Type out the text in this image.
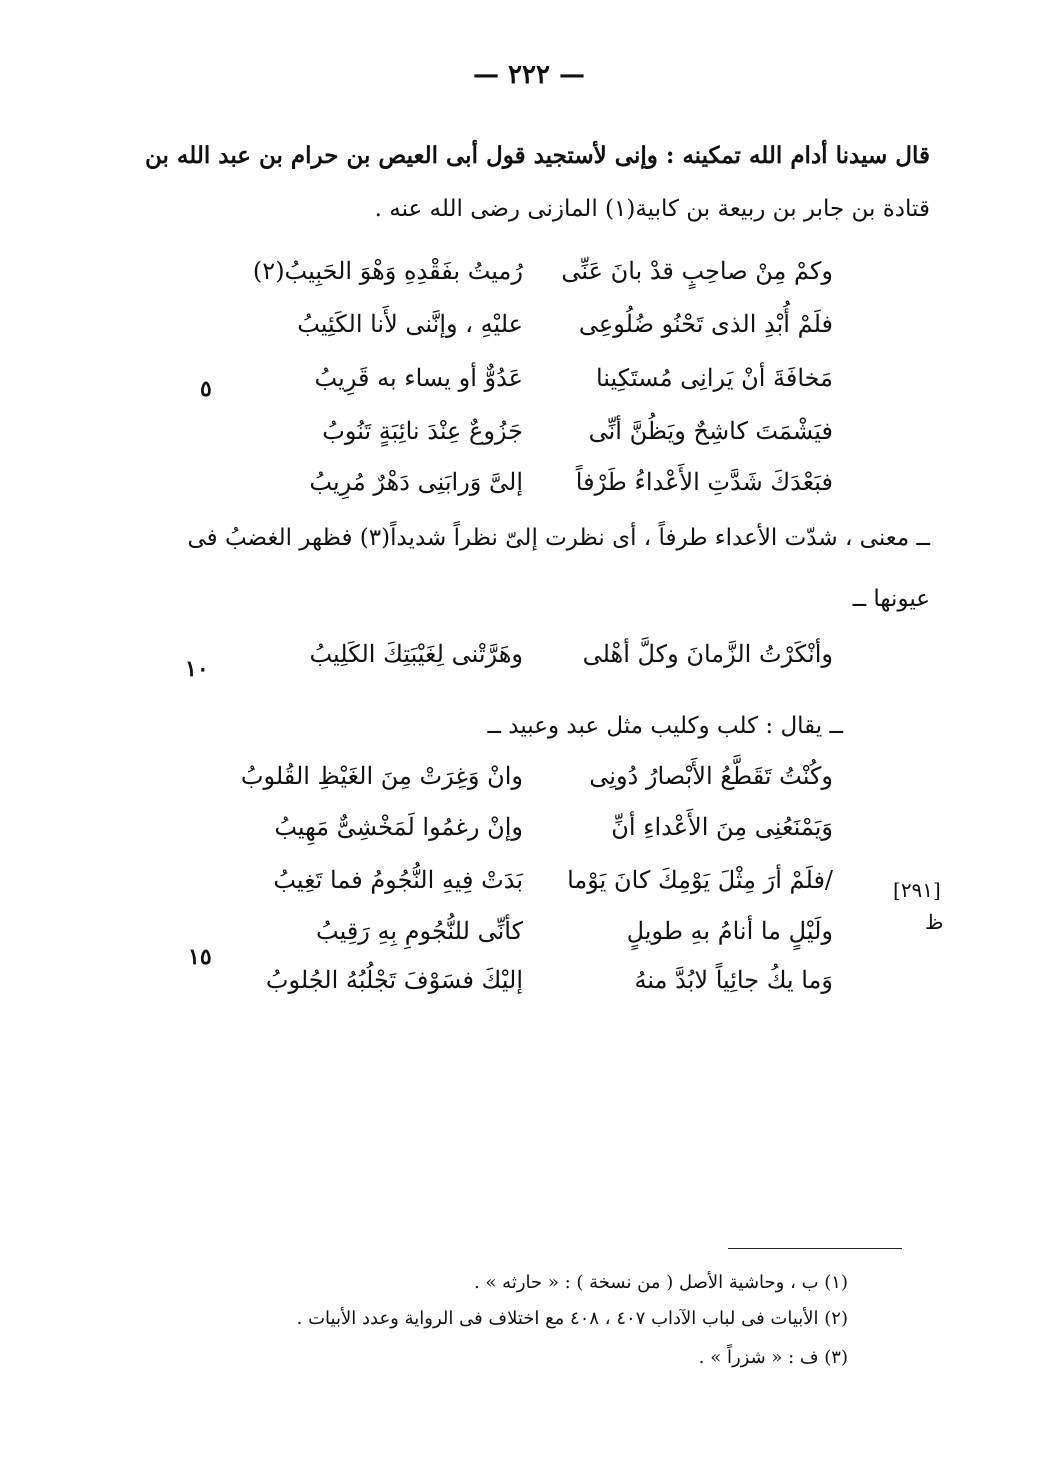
— ٢٢٢ —
قال سيدنا أدام الله تمكينه : وإنى لأستجيد قول أبى العيص بن حرام بن عبد الله بن
قتادة بن جابر بن ربيعة بن كابية(١) المازنى رضى الله عنه .
وكمْ مِنْ صاحِبٍ قدْ بانَ عَنِّى
رُميتُ بفَقْدِهِ وَهْوَ الحَبِيبُ(٢)
فلَمْ أُبْدِ الذى تَحْنُو ضُلُوعِى
عليْهِ ، وإنَّنى لأَنا الكَئِيبُ
مَخافَةَ أنْ يَرانِى مُستَكِينا
عَدُوٌّ أو يساء به قَرِيبُ
فيَشْمَتَ كاشِحٌ ويَظُنَّ أنِّى
جَزُوعٌ عِنْدَ نائِبَةٍ تَنُوبُ
فبَعْدَكَ شَدَّتِ الأَعْداءُ طَرْفاً
إلىَّ وَرابَنِى دَهْرٌ مُرِيبُ
٥
ــ معنى ، شدّت الأعداء طرفاً ، أى نظرت إلىّ نظراً شديداً(٣) فظهر الغضبُ فى
عيونها ــ
وأنْكَرْتُ الزَّمانَ وكلَّ أهْلى
وهَرَّتْنى لِغَيْبَتِكَ الكَلِيبُ
١٠
ــ يقال : كلب وكليب مثل عبد وعبيد ــ
وكُنْتُ تَقَطَّعُ الأَبْصارُ دُونِى
وانْ وَغِرَتْ مِنَ الغَيْظِ القُلوبُ
وَيَمْنَعُنِى مِنَ الأَعْداءِ أنِّ
وإنْ رغمُوا لَمَخْشِىٌّ مَهِيبُ
/فلَمْ أرَ مِثْلَ يَوْمِكَ كانَ يَوْما
بَدَتْ فِيهِ النُّجُومُ فما تَغِيبُ
ولَيْلٍ ما أنامُ بهِ طويلٍ
كأنِّى للنُّجُومِ بِهِ رَقِيبُ
وَما يكُ جائِياً لابُدَّ منهُ
إليْكَ فسَوْفَ تَجْلُبُهُ الجُلوبُ
[٢٩١]
ظ
١٥
(١) ب ، وحاشية الأصل ( من نسخة ) : « حارثه » .
(٢) الأبيات فى لباب الآداب ٤٠٧ ، ٤٠٨ مع اختلاف فى الرواية وعدد الأبيات .
(٣) ف : « شزراً » .
